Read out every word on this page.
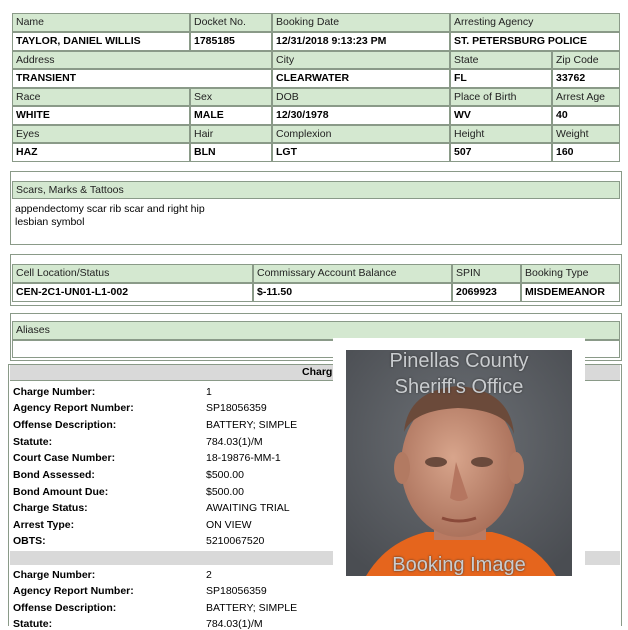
Name	Docket No.	Booking Date	Arresting Agency
TAYLOR, DANIEL WILLIS	1785185	12/31/2018 9:13:23 PM	ST. PETERSBURG POLICE
Address	City	State	Zip Code
TRANSIENT	CLEARWATER	FL	33762
Race	Sex	DOB	Place of Birth	Arrest Age
WHITE	MALE	12/30/1978	WV	40
Eyes	Hair	Complexion	Height	Weight
HAZ	BLN	LGT	507	160
Scars, Marks & Tattoos
appendectomy scar rib scar and right hip
lesbian symbol
Cell Location/Status	Commissary Account Balance	SPIN	Booking Type
CEN-2C1-UN01-L1-002	$-11.50	2069923	MISDEMEANOR
Aliases
Charg
Charge Number:	1
Agency Report Number:	SP18056359
Offense Description:	BATTERY; SIMPLE
Statute:	784.03(1)/M
Court Case Number:	18-19876-MM-1
Bond Assessed:	$500.00
Bond Amount Due:	$500.00
Charge Status:	AWAITING TRIAL
Arrest Type:	ON VIEW
OBTS:	5210067520
Charge Number:	2
Agency Report Number:	SP18056359
Offense Description:	BATTERY; SIMPLE
Statute:	784.03(1)/M
Pinellas County
Sheriff's Office
Booking Image
